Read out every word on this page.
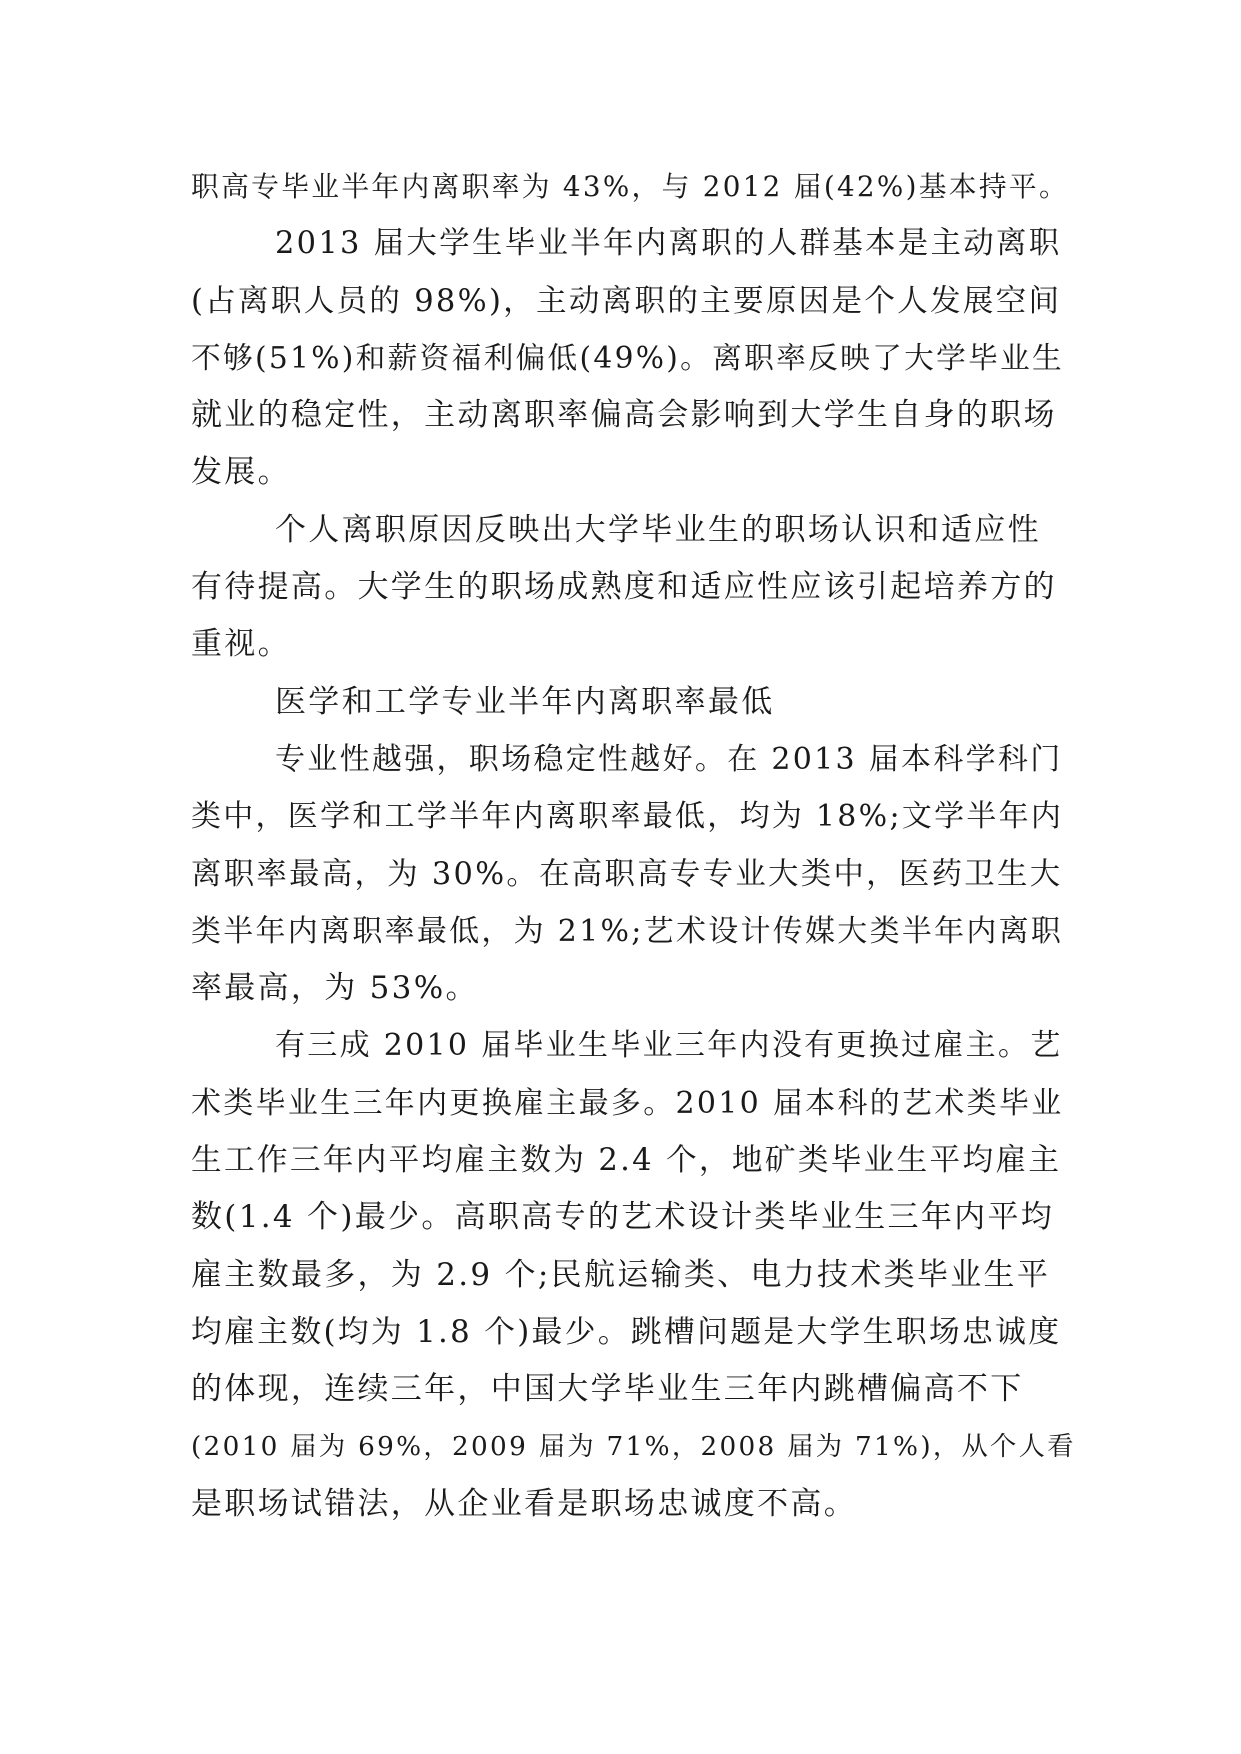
职高专毕业半年内离职率为 43%，与 2012 届(42%)基本持平。
2013 届大学生毕业半年内离职的人群基本是主动离职
(占离职人员的 98%)，主动离职的主要原因是个人发展空间
不够(51%)和薪资福利偏低(49%)。离职率反映了大学毕业生
就业的稳定性，主动离职率偏高会影响到大学生自身的职场
发展。
个人离职原因反映出大学毕业生的职场认识和适应性
有待提高。大学生的职场成熟度和适应性应该引起培养方的
重视。
医学和工学专业半年内离职率最低
专业性越强，职场稳定性越好。在 2013 届本科学科门
类中，医学和工学半年内离职率最低，均为 18%;文学半年内
离职率最高，为 30%。在高职高专专业大类中，医药卫生大
类半年内离职率最低，为 21%;艺术设计传媒大类半年内离职
率最高，为 53%。
有三成 2010 届毕业生毕业三年内没有更换过雇主。艺
术类毕业生三年内更换雇主最多。2010 届本科的艺术类毕业
生工作三年内平均雇主数为 2.4 个，地矿类毕业生平均雇主
数(1.4 个)最少。高职高专的艺术设计类毕业生三年内平均
雇主数最多，为 2.9 个;民航运输类、电力技术类毕业生平
均雇主数(均为 1.8 个)最少。跳槽问题是大学生职场忠诚度
的体现，连续三年，中国大学毕业生三年内跳槽偏高不下
(2010 届为 69%，2009 届为 71%，2008 届为 71%)，从个人看
是职场试错法，从企业看是职场忠诚度不高。
